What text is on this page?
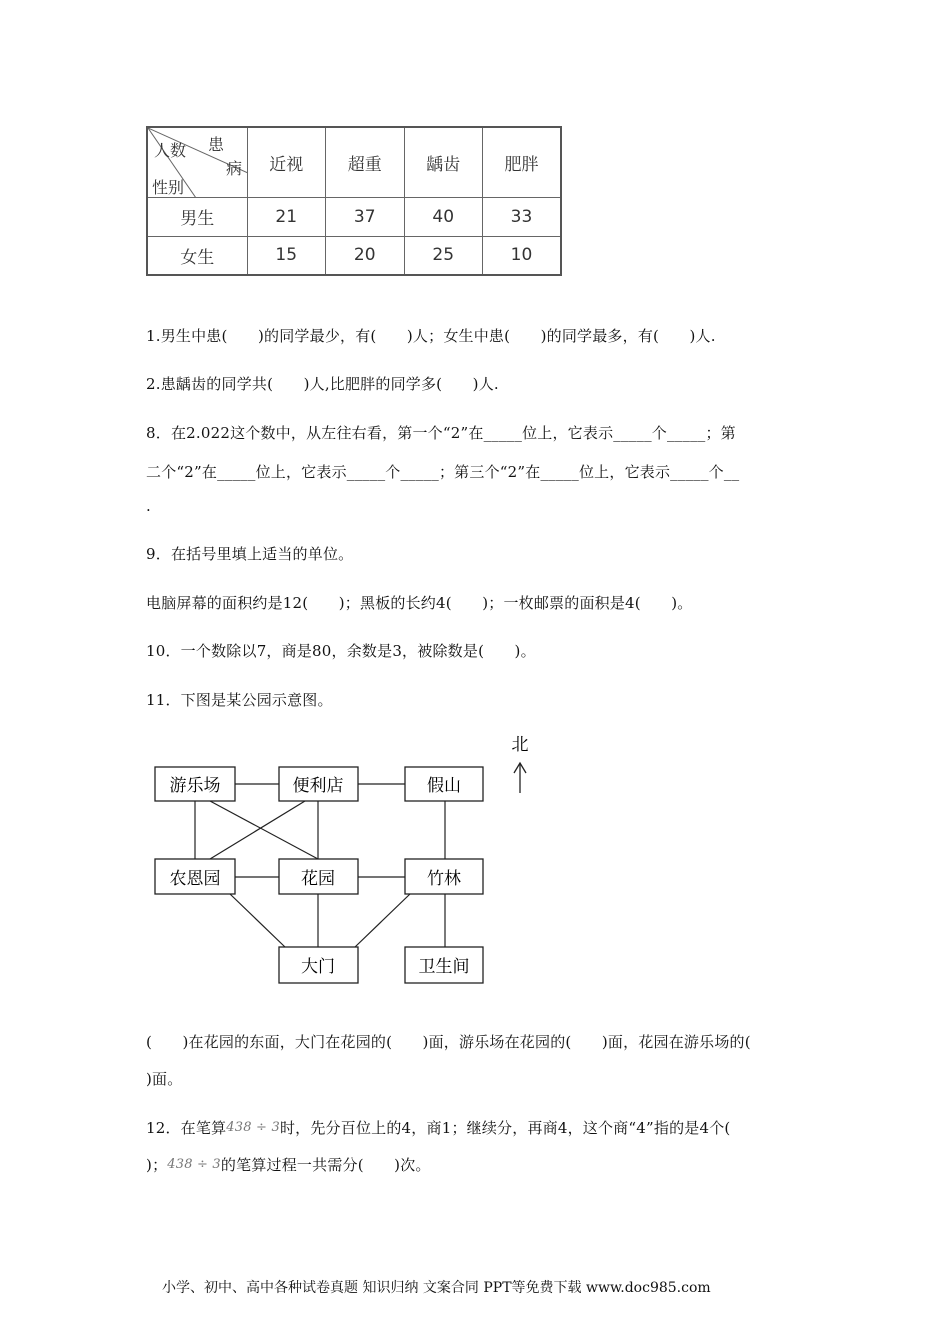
人数 患
病
性别	近视	超重	龋齿	肥胖
男生	21	37	40	33
女生	15	20	25	10
1.男生中患(　　)的同学最少，有(　　)人；女生中患(　　)的同学最多，有(　　)人.
2.患龋齿的同学共(　　)人,比肥胖的同学多(　　)人.
8．在2.022这个数中，从左往右看，第一个“2”在_____位上，它表示_____个_____；第
二个“2”在_____位上，它表示_____个_____；第三个“2”在_____位上，它表示_____个__
.
9．在括号里填上适当的单位。
电脑屏幕的面积约是12(　　)；黑板的长约4(　　)；一枚邮票的面积是4(　　)。
10．一个数除以7，商是80，余数是3，被除数是(　　)。
11．下图是某公园示意图。
北
游乐场	便利店	假山
农恩园	花园	竹林
大门	卫生间
(　　)在花园的东面，大门在花园的(　　)面，游乐场在花园的(　　)面，花园在游乐场的(
)面。
12．在笔算438 ÷ 3时，先分百位上的4，商1；继续分，再商4，这个商“4”指的是4个(
)；438 ÷ 3的笔算过程一共需分(　　)次。
小学、初中、高中各种试卷真题 知识归纳 文案合同 PPT等免费下载 www.doc985.com
